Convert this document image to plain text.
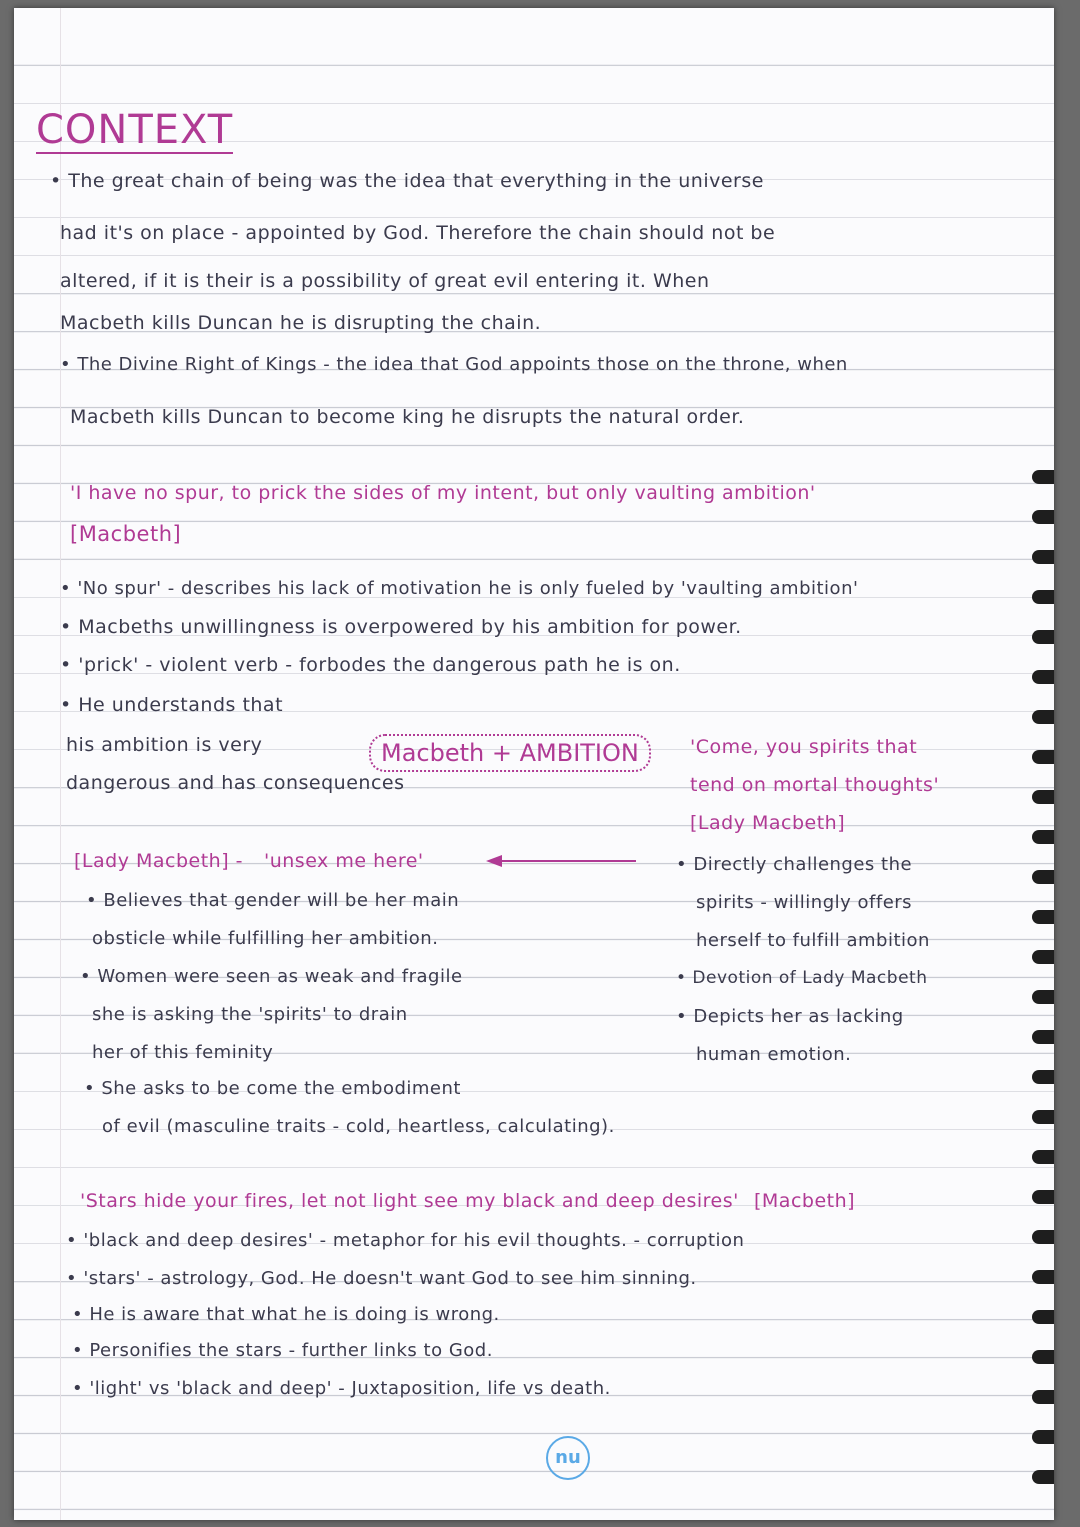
CONTEXT
• The great chain of being was the idea that everything in the universe
had it's on place - appointed by God. Therefore the chain should not be
altered, if it is their is a possibility of great evil entering it. When
Macbeth kills Duncan he is disrupting the chain.
• The Divine Right of Kings - the idea that God appoints those on the throne, when
Macbeth kills Duncan to become king he disrupts the natural order.
'I have no spur, to prick the sides of my intent, but only vaulting ambition'
[Macbeth]
• 'No spur' - describes his lack of motivation he is only fueled by 'vaulting ambition'
• Macbeths unwillingness is overpowered by his ambition for power.
• 'prick' - violent verb - forbodes the dangerous path he is on.
• He understands that
his ambition is very
dangerous and has consequences
Macbeth + AMBITION	'Come, you spirits that
tend on mortal thoughts'
[Lady Macbeth]
• Directly challenges the
spirits - willingly offers
herself to fulfill ambition
• Devotion of Lady Macbeth
• Depicts her as lacking
human emotion.
[Lady Macbeth] - 'unsex me here'
• Believes that gender will be her main
obsticle while fulfilling her ambition.
• Women were seen as weak and fragile
she is asking the 'spirits' to drain
her of this feminity
• She asks to be come the embodiment
of evil (masculine traits - cold, heartless, calculating).
'Stars hide your fires, let not light see my black and deep desires' [Macbeth]
• 'black and deep desires' - metaphor for his evil thoughts. - corruption
• 'stars' - astrology, God. He doesn't want God to see him sinning.
• He is aware that what he is doing is wrong.
• Personifies the stars - further links to God.
• 'light' vs 'black and deep' - Juxtaposition, life vs death.
nu
